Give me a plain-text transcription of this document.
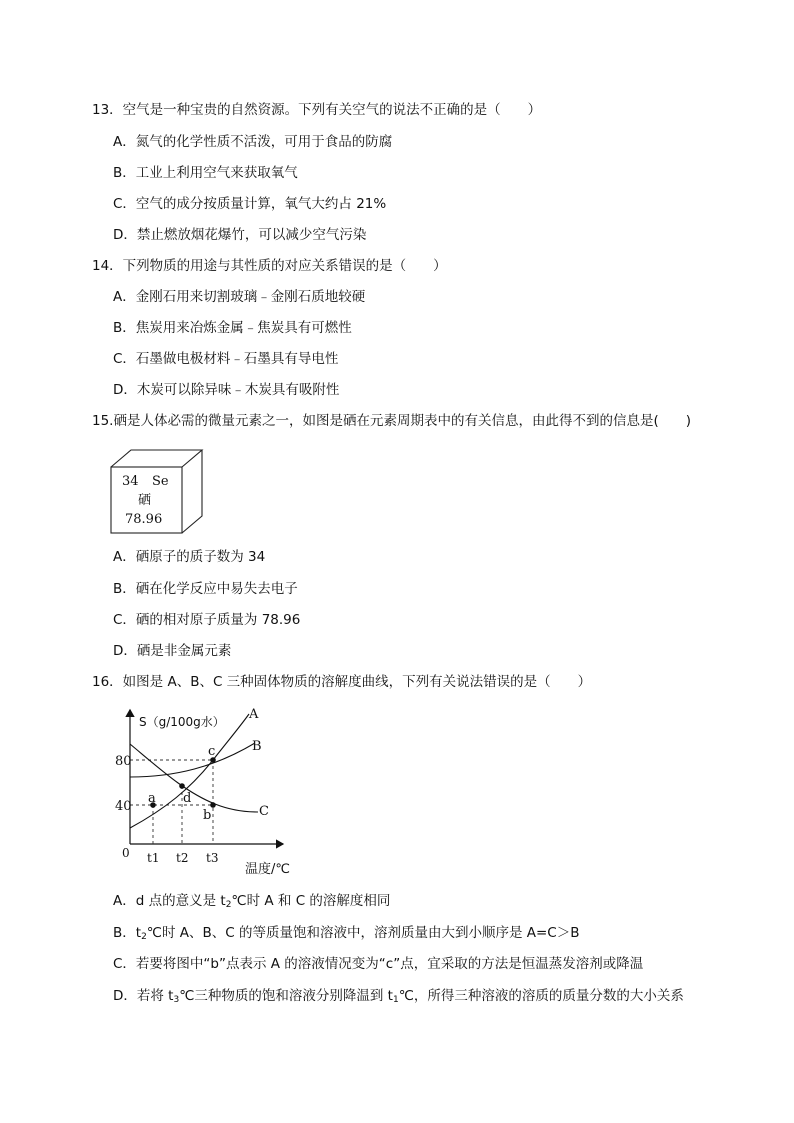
13．空气是一种宝贵的自然资源。下列有关空气的说法不正确的是（　　）
A．氮气的化学性质不活泼，可用于食品的防腐
B．工业上利用空气来获取氧气
C．空气的成分按质量计算，氧气大约占 21%
D．禁止燃放烟花爆竹，可以减少空气污染
14．下列物质的用途与其性质的对应关系错误的是（　　）
A．金刚石用来切割玻璃﹣金刚石质地较硬
B．焦炭用来冶炼金属﹣焦炭具有可燃性
C．石墨做电极材料﹣石墨具有导电性
D．木炭可以除异味﹣木炭具有吸附性
15.硒是人体必需的微量元素之一，如图是硒在元素周期表中的有关信息，由此得不到的信息是(　　)
34 Se
硒
78.96
A．硒原子的质子数为 34
B．硒在化学反应中易失去电子
C．硒的相对原子质量为 78.96
D．硒是非金属元素
16．如图是 A、B、C 三种固体物质的溶解度曲线，下列有关说法错误的是（　　）
S（g/100g水） A
B
C
c
d
a
b
80
40
0 t1 t2 t3
温度/℃
A．d 点的意义是 $t_2℃$时 A 和 C 的溶解度相同
B．$t_2℃$时 A、B、C 的等质量饱和溶液中，溶剂质量由大到小顺序是 A=C＞B
C．若要将图中“b”点表示 A 的溶液情况变为“c”点，宜采取的方法是恒温蒸发溶剂或降温
D．若将 $t_3℃$三种物质的饱和溶液分别降温到 $t_1℃$，所得三种溶液的溶质的质量分数的大小关系
